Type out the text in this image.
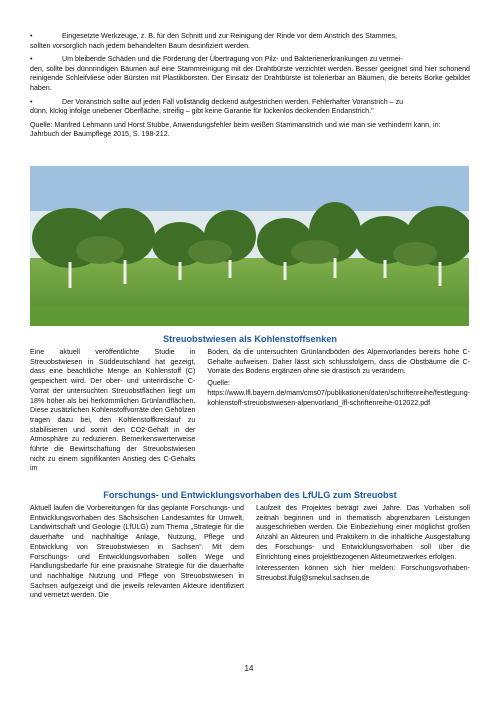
•	Eingesetzte Werkzeuge, z. B. für den Schnitt und zur Reinigung der Rinde vor dem Anstrich des Stammes,

sollten vorsorglich nach jedem behandelten Baum desinfiziert werden.

•	Um bleibende Schäden und die Förderung der Übertragung von Pilz- und Bakterienerkrankungen zu vermei-

den, sollte bei dünnrindigen Bäumen auf eine Stammreinigung mit der Drahtbürste verzichtet werden. Besser geeignet sind hier schonend reinigende Schleifvliese oder Bürsten mit Plastikborsten. Der Einsatz der Drahtbürste ist tolerierbar an Bäumen, die bereits Borke gebildet haben.

•	Der Voranstrich sollte auf jeden Fall vollständig deckend aufgestrichen werden. Fehlerhafter Voranstrich – zu

dünn, klckig infolge unebener Oberfläche, streifig – gibt keine Garantie für lückenlos deckenden Endanstrich."

Quelle: Manfred Lehmann und Horst Stubbe, Anwendungsfehler beim weißen Stammanstrich und wie man sie verhindern kann, in: Jahrbuch der Baumpflege 2015, S. 198-212.

Streuobstwiesen als Kohlenstoffsenken

Eine aktuell veröffentlichte Studie in Streuobstwiesen in Süddeutschland hat gezeigt, dass eine beachtliche Menge an Kohlenstoff (C) gespeichert wird. Der ober- und unterirdische C-Vorrat der untersuchten Streuobstflächen liegt um 18% höher als bei herkömmlichen Grünlandflächen. Diese zusätzlichen Kohlenstoffvorräte den Gehölzen tragen dazu bei, den Kohlenstoffkreislauf zu stabilisieren und somit den CO2-Gehalt in der Atmosphäre zu reduzieren. Bemerkenswerterweise führte die Bewirtschaftung der Streuobstwiesen nicht zu einem signifikanten Anstieg des C-Gehalts im

Boden, da die untersuchten Grünlandböden des Alpenvorlandes bereits hohe C-Gehalte aufweisen. Daher lässt sich schlussfolgern, dass die Obstbäume die C-Vorräte des Bodens ergänzen ohne sie drastisch zu verändern.

Quelle: https://www.lfl.bayern.de/mam/cms07/publikationen/daten/schriftenreihe/festlegung-kohlenstoff-streuobstwiesen-alpenvorland_lfl-schriftenreihe-012022.pdf

Forschungs- und Entwicklungsvorhaben des LfULG zum Streuobst

Aktuell laufen die Vorbereitungen für das geplante Forschungs- und Entwicklungsvorhaben des Sächsischen Landesamtes für Umwelt, Landwirtschaft und Geologie (LfULG) zum Thema „Strategie für die dauerhafte und nachhaltige Anlage, Nutzung, Pflege und Entwicklung von Streuobstwiesen in Sachsen“. Mit dem Forschungs- und Entwicklungsvorhaben sollen Wege und Handlungsbedarfe für eine praxisnahe Strategie für die dauerhafte und nachhaltige Nutzung und Pflege von Streuobstwiesen in Sachsen aufgezeigt und die jeweils relevanten Akteure identifiziert und vernetzt werden. Die

Laufzeit des Projektes beträgt zwei Jahre. Das Vorhaben soll zeitnah beginnen und in thematisch abgrenzbaren Leistungen ausgeschrieben werden. Die Einbeziehung einer möglichst großen Anzahl an Akteuren und Praktikern in die inhaltliche Ausgestaltung des Forschungs- und Entwicklungsvorhaben soll über die Einrichtung eines projektbezogenen Akteurnetzwerkes erfolgen.

Interessenten können sich hier melden: Forschungsvorhaben-Streuobst.lfulg@smekul.sachsen.de

14
